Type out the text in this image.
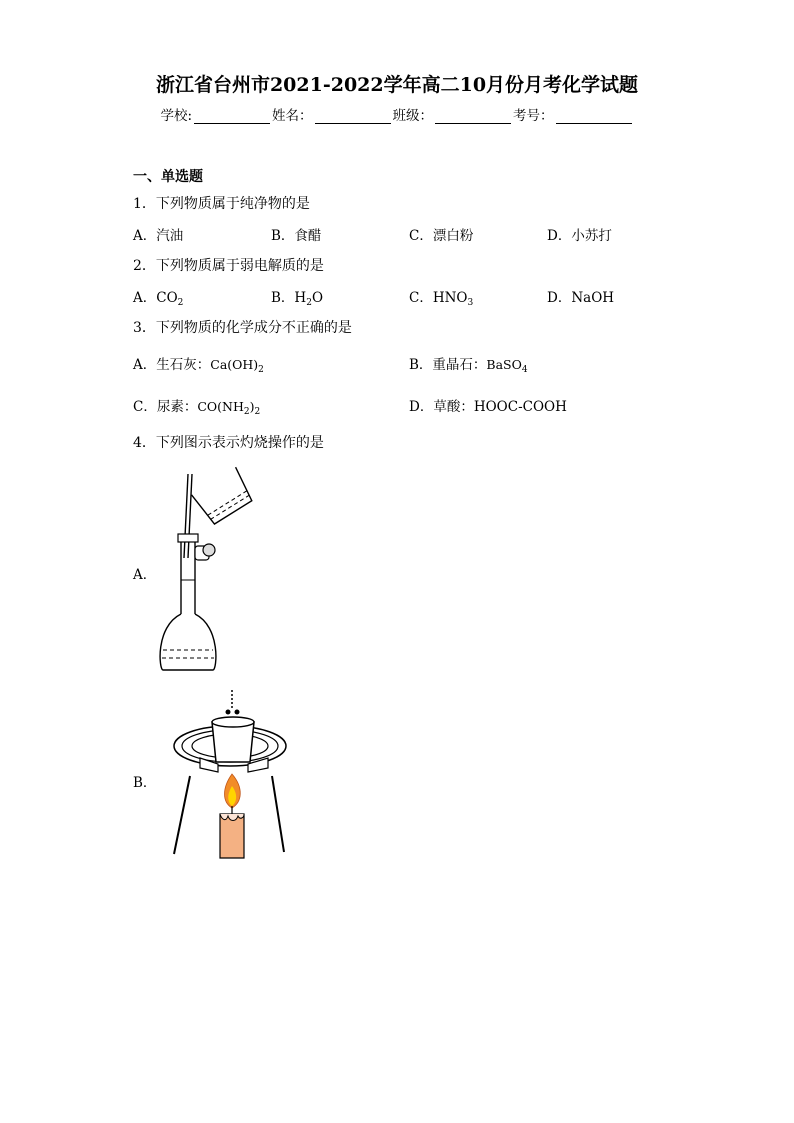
浙江省台州市2021-2022学年高二10月份月考化学试题
学校:	姓名：	班级：	考号：
一、单选题
1．下列物质属于纯净物的是
A．汽油	B．食醋	C．漂白粉	D．小苏打
2．下列物质属于弱电解质的是
A．$CO_2$	B．$H_2O$	C．$HNO_3$	D．NaOH
3．下列物质的化学成分不正确的是
A．生石灰：$Ca(OH)_2$	B．重晶石：BaSO$_4$
C．尿素：$CO(NH_2)_2$	D．草酸：HOOC-COOH
4．下列图示表示灼烧操作的是
A．
B．
